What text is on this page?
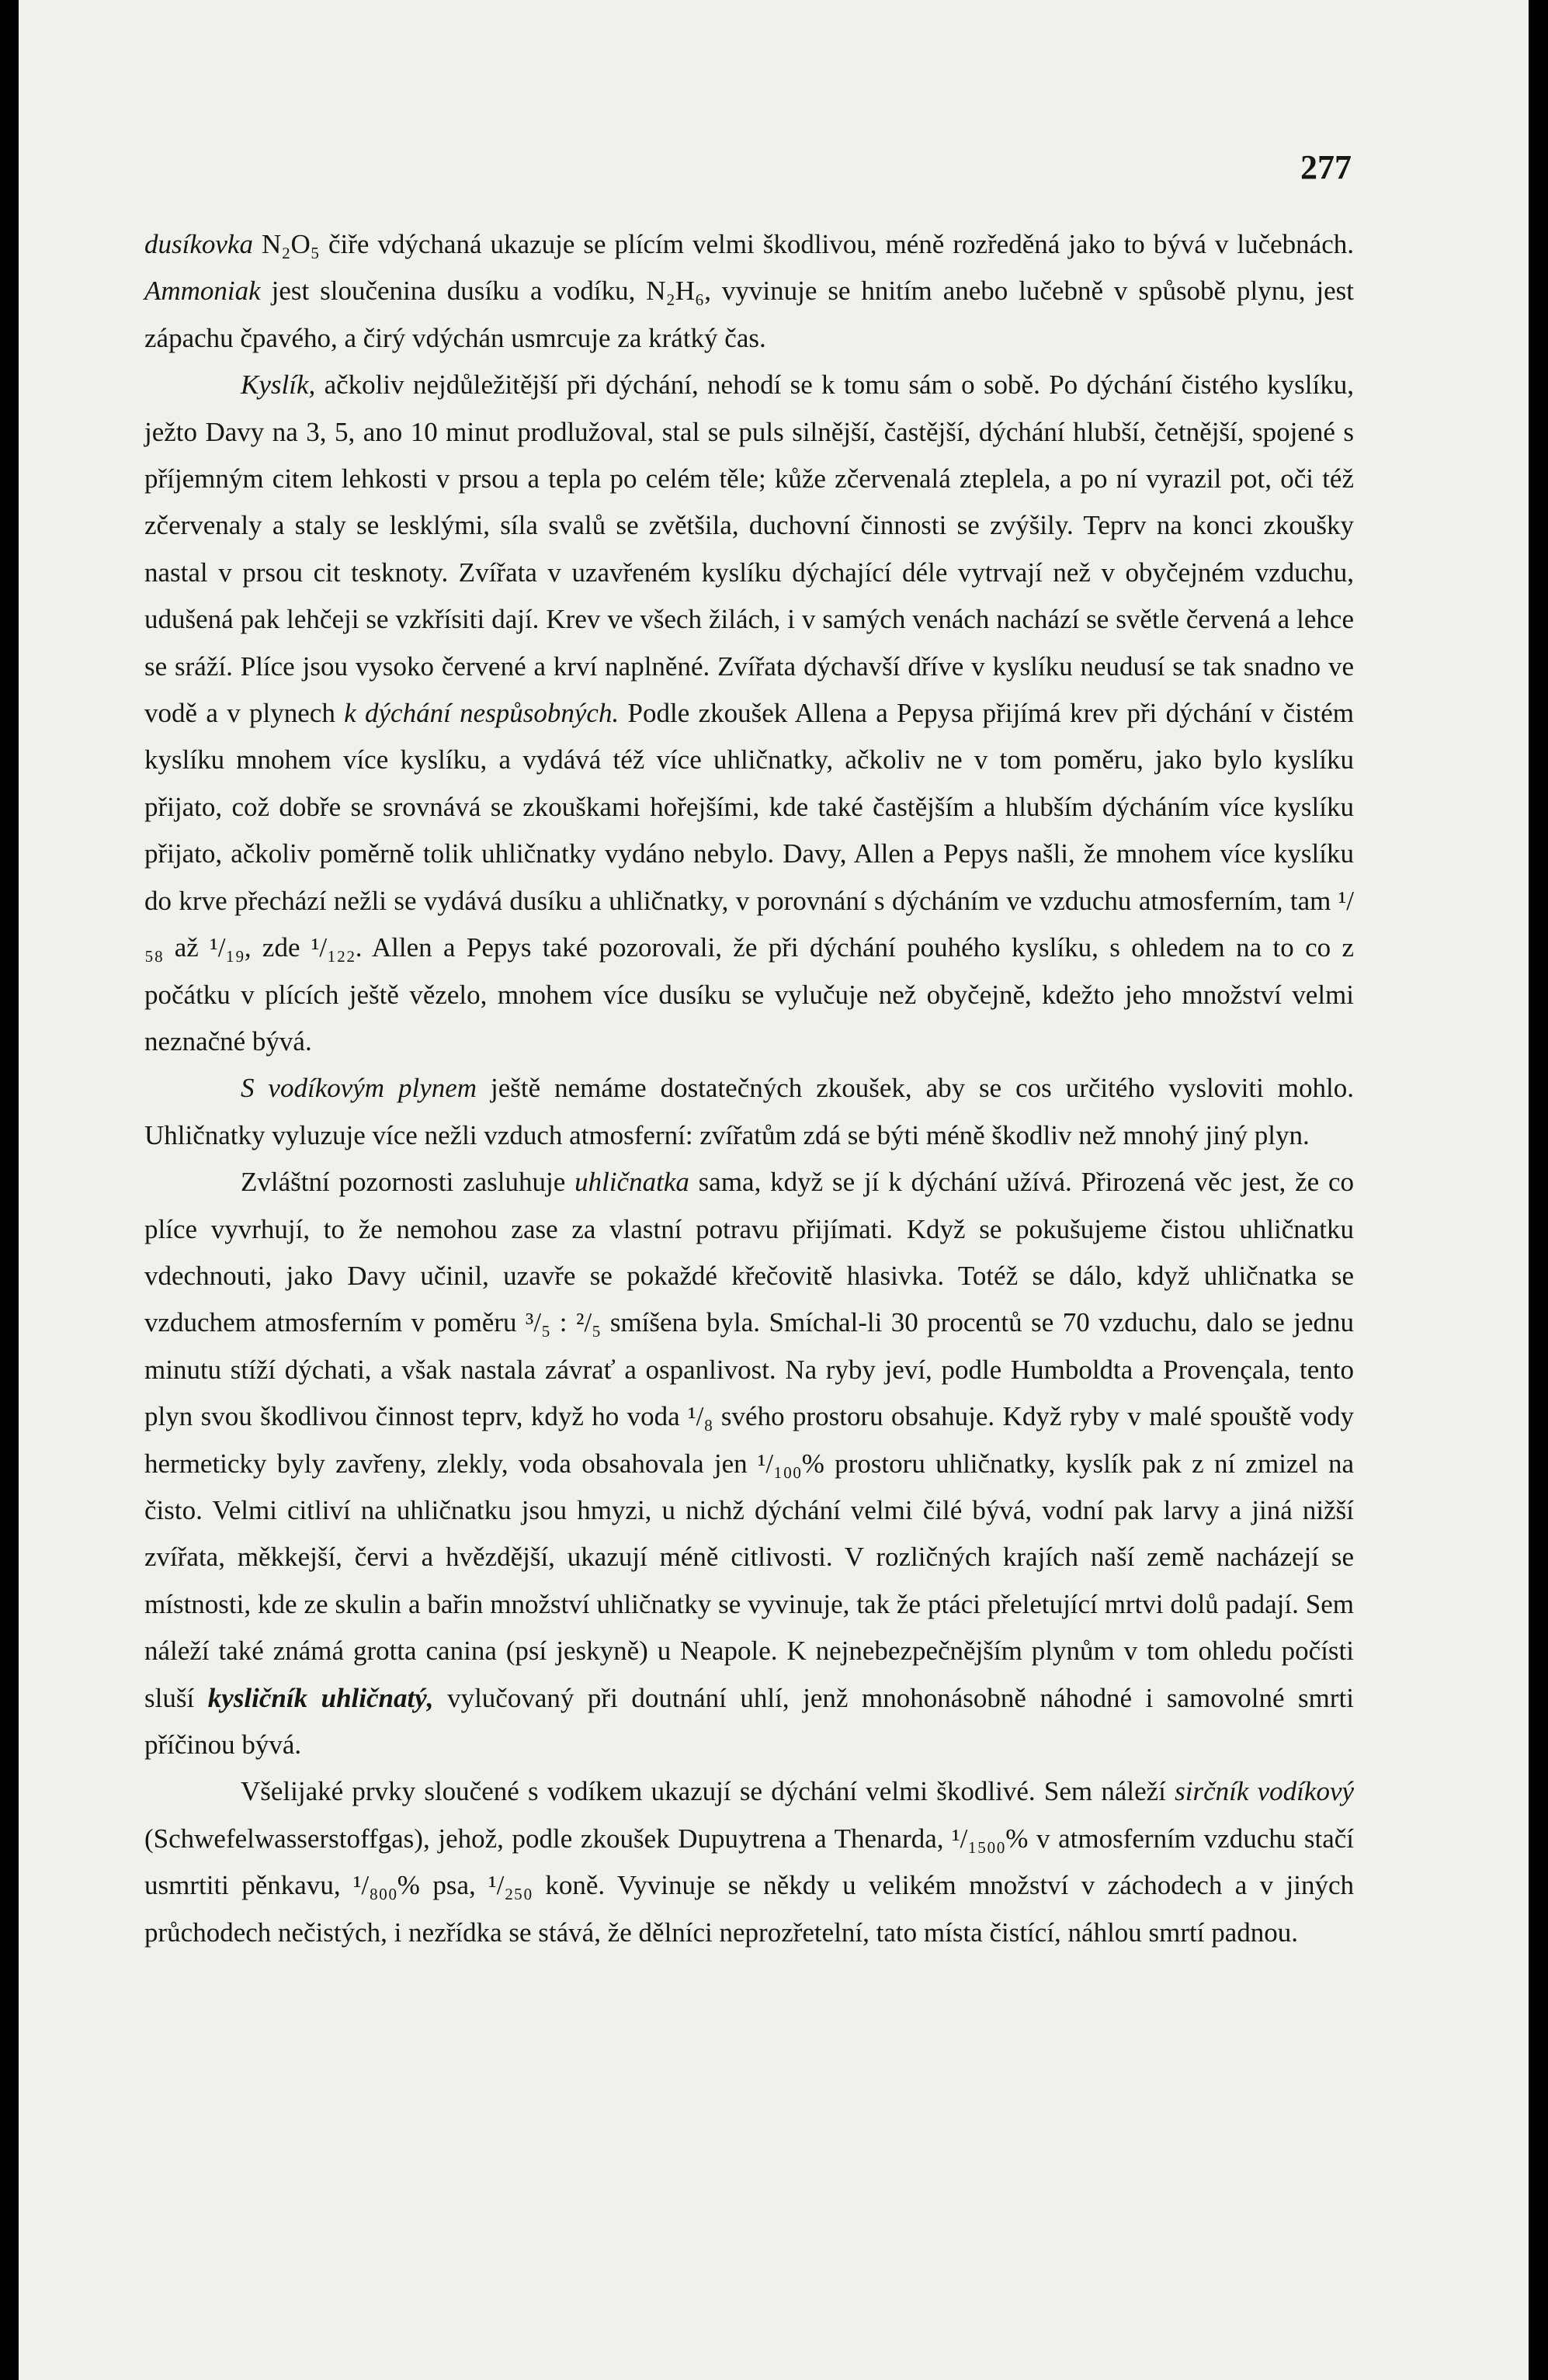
277

dusíkovka N₂O₅ čiře vdýchaná ukazuje se plícím velmi škodlivou, méně rozředěná jako to bývá v lučebnách. Ammoniak jest sloučenina dusíku a vodíku, N₂H₆, vyvinuje se hnitím anebo lučebně v spůsobě plynu, jest zápachu čpavého, a čirý vdýchán usmrcuje za krátký čas.

Kyslík, ačkoliv nejdůležitější při dýchání, nehodí se k tomu sám o sobě. Po dýchání čistého kyslíku, ježto Davy na 3, 5, ano 10 minut prodlužoval, stal se puls silnější, častější, dýchání hlubší, četnější, spojené s příjemným citem lehkosti v prsou a tepla po celém těle; kůže zčervenalá zteplela, a po ní vyrazil pot, oči též zčervenaly a staly se lesklými, síla svalů se zvětšila, duchovní činnosti se zvýšily. Teprv na konci zkoušky nastal v prsou cit tesknoty. Zvířata v uzavřeném kyslíku dýchající déle vytrvají než v obyčejném vzduchu, udušená pak lehčeji se vzkřísiti dají. Krev ve všech žilách, i v samých venách nachází se světle červená a lehce se sráží. Plíce jsou vysoko červené a krví naplněné. Zvířata dýchavší dříve v kyslíku neudusí se tak snadno ve vodě a v plynech k dýchání nespůsobných. Podle zkoušek Allena a Pepysa přijímá krev při dýchání v čistém kyslíku mnohem více kyslíku, a vydává též více uhličnatky, ačkoliv ne v tom poměru, jako bylo kyslíku přijato, což dobře se srovnává se zkouškami hořejšími, kde také častějším a hlubším dýcháním více kyslíku přijato, ačkoliv poměrně tolik uhličnatky vydáno nebylo. Davy, Allen a Pepys našli, že mnohem více kyslíku do krve přechází nežli se vydává dusíku a uhličnatky, v porovnání s dýcháním ve vzduchu atmosferním, tam ¹/₅₈ až ¹/₁₉, zde ¹/₁₂₂. Allen a Pepys také pozorovali, že při dýchání pouhého kyslíku, s ohledem na to co z počátku v plících ještě vězelo, mnohem více dusíku se vylučuje než obyčejně, kdežto jeho množství velmi neznačné bývá.

S vodíkovým plynem ještě nemáme dostatečných zkoušek, aby se cos určitého vysloviti mohlo. Uhličnatky vyluzuje více nežli vzduch atmosferní: zvířatům zdá se býti méně škodliv než mnohý jiný plyn.

Zvláštní pozornosti zasluhuje uhličnatka sama, když se jí k dýchání užívá. Přirozená věc jest, že co plíce vyvrhují, to že nemohou zase za vlastní potravu přijímati. Když se pokušujeme čistou uhličnatku vdechnouti, jako Davy učinil, uzavře se pokaždé křečovitě hlasivka. Totéž se dálo, když uhličnatka se vzduchem atmosferním v poměru ³/₅ : ²/₅ smíšena byla. Smíchal-li 30 procentů se 70 vzduchu, dalo se jednu minutu stíží dýchati, a však nastala závrať a ospanlivost. Na ryby jeví, podle Humboldta a Provençala, tento plyn svou škodlivou činnost teprv, když ho voda ¹/₈ svého prostoru obsahuje. Když ryby v malé spouště vody hermeticky byly zavřeny, zlekly, voda obsahovala jen ¹/₁₀₀% prostoru uhličnatky, kyslík pak z ní zmizel na čisto. Velmi citliví na uhličnatku jsou hmyzi, u nichž dýchání velmi čilé bývá, vodní pak larvy a jiná nižší zvířata, měkkejší, červi a hvězdější, ukazují méně citlivosti. V rozličných krajích naší země nacházejí se místnosti, kde ze skulin a bařin množství uhličnatky se vyvinuje, tak že ptáci přeletující mrtvi dolů padají. Sem náleží také známá grotta canina (psí jeskyně) u Neapole. K nejnebezpečnějším plynům v tom ohledu počísti sluší kysličník uhličnatý, vylučovaný při doutnání uhlí, jenž mnohonásobně náhodné i samovolné smrti příčinou bývá.

Všelijaké prvky sloučené s vodíkem ukazují se dýchání velmi škodlivé. Sem náleží sirčník vodíkový (Schwefelwasserstoffgas), jehož, podle zkoušek Dupuytrena a Thenarda, ¹/₁₅₀₀% v atmosferním vzduchu stačí usmrtiti pěnkavu, ¹/₈₀₀% psa, ¹/₂₅₀ koně. Vyvinuje se někdy u velikém množství v záchodech a v jiných průchodech nečistých, i nezřídka se stává, že dělníci neprozřetelní, tato místa čistící, náhlou smrtí padnou.
